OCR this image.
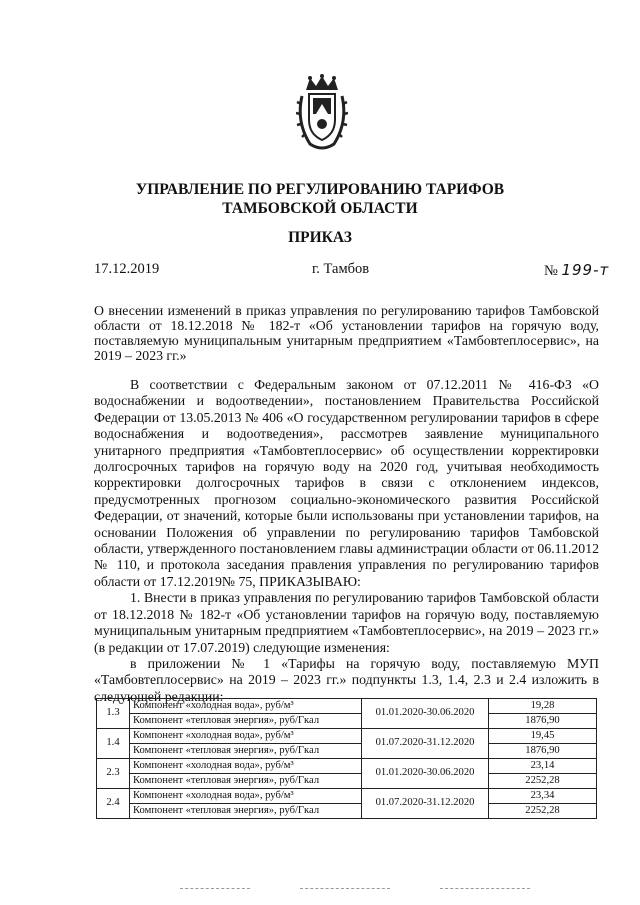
УПРАВЛЕНИЕ ПО РЕГУЛИРОВАНИЮ ТАРИФОВ
ТАМБОВСКОЙ ОБЛАСТИ
ПРИКАЗ
17.12.2019	г. Тамбов	№ 199-т
О внесении изменений в приказ управления по регулированию тарифов Тамбовской области от 18.12.2018 № 182-т «Об установлении тарифов на горячую воду, поставляемую муниципальным унитарным предприятием «Тамбовтеплосервис», на 2019 – 2023 гг.»

В соответствии с Федеральным законом от 07.12.2011 № 416-ФЗ «О водоснабжении и водоотведении», постановлением Правительства Российской Федерации от 13.05.2013 № 406 «О государственном регулировании тарифов в сфере водоснабжения и водоотведения», рассмотрев заявление муниципального унитарного предприятия «Тамбовтеплосервис» об осуществлении корректировки долгосрочных тарифов на горячую воду на 2020 год, учитывая необходимость корректировки долгосрочных тарифов в связи с отклонением индексов, предусмотренных прогнозом социально-экономического развития Российской Федерации, от значений, которые были использованы при установлении тарифов, на основании Положения об управлении по регулированию тарифов Тамбовской области, утвержденного постановлением главы администрации области от 06.11.2012 № 110, и протокола заседания правления управления по регулированию тарифов области от 17.12.2019№ 75, ПРИКАЗЫВАЮ:

1. Внести в приказ управления по регулированию тарифов Тамбовской области от 18.12.2018 № 182-т «Об установлении тарифов на горячую воду, поставляемую муниципальным унитарным предприятием «Тамбовтеплосервис», на 2019 – 2023 гг.» (в редакции от 17.07.2019) следующие изменения:

в приложении № 1 «Тарифы на горячую воду, поставляемую МУП «Тамбовтеплосервис» на 2019 – 2023 гг.» подпункты 1.3, 1.4, 2.3 и 2.4 изложить в следующей редакции:

1.3	Компонент «холодная вода», руб/м³	01.01.2020-30.06.2020	19,28
	Компонент «тепловая энергия», руб/Гкал		1876,90
1.4	Компонент «холодная вода», руб/м³	01.07.2020-31.12.2020	19,45
	Компонент «тепловая энергия», руб/Гкал		1876,90
2.3	Компонент «холодная вода», руб/м³	01.01.2020-30.06.2020	23,14
	Компонент «тепловая энергия», руб/Гкал		2252,28
2.4	Компонент «холодная вода», руб/м³	01.07.2020-31.12.2020	23,34
	Компонент «тепловая энергия», руб/Гкал		2252,28
